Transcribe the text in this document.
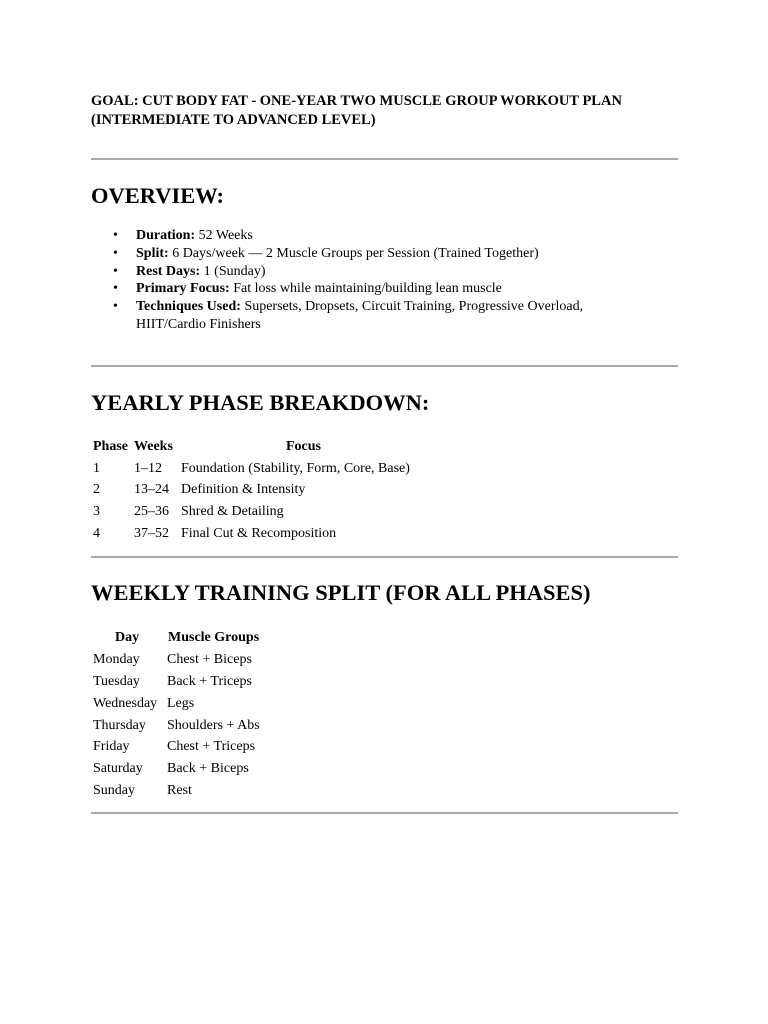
GOAL: CUT BODY FAT - ONE-YEAR TWO MUSCLE GROUP WORKOUT PLAN
(INTERMEDIATE TO ADVANCED LEVEL)
OVERVIEW:
• Duration: 52 Weeks
• Split: 6 Days/week — 2 Muscle Groups per Session (Trained Together)
• Rest Days: 1 (Sunday)
• Primary Focus: Fat loss while maintaining/building lean muscle
• Techniques Used: Supersets, Dropsets, Circuit Training, Progressive Overload,
HIIT/Cardio Finishers
YEARLY PHASE BREAKDOWN:
Phase	Weeks	Focus
1	1–12	Foundation (Stability, Form, Core, Base)
2	13–24	Definition & Intensity
3	25–36	Shred & Detailing
4	37–52	Final Cut & Recomposition
WEEKLY TRAINING SPLIT (FOR ALL PHASES)
Day	Muscle Groups
Monday	Chest + Biceps
Tuesday	Back + Triceps
Wednesday	Legs
Thursday	Shoulders + Abs
Friday	Chest + Triceps
Saturday	Back + Biceps
Sunday	Rest
